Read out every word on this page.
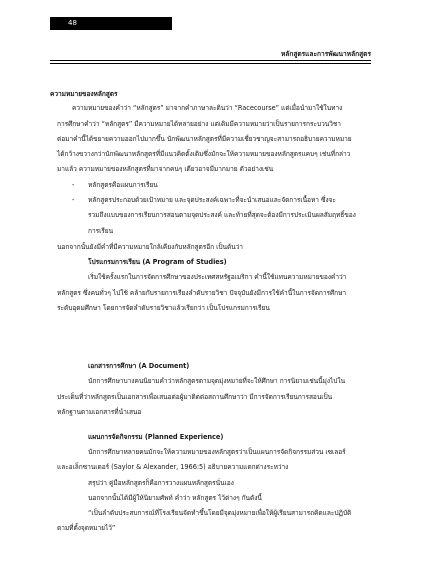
48
หลักสูตรและการพัฒนาหลักสูตร
ความหมายของหลักสูตร
ความหมายของคำว่า “หลักสูตร” มาจากคำภาษาละตินว่า “Racecourse” แต่เมื่อนำมาใช้ในทาง
การศึกษาคำว่า “หลักสูตร” มีความหมายได้หลายอย่าง แต่เดิมมีความหมายว่าเป็นรายการกระบวนวิชา
ต่อมาคำนี้ได้ขยายความออกไปมากขึ้น นักพัฒนาหลักสูตรที่มีความเชี่ยวชาญจะสามารถอธิบายความหมาย
ได้กว้างขวางกว่านักพัฒนาหลักสูตรที่มีแนวคิดตั้งเดิมซึ่งมักจะให้ความหมายของหลักสูตรแคบๆ เช่นที่กล่าว
มาแล้ว ความหมายของหลักสูตรที่มาจากคนๆ เดียวอาจมีมากมาย ตัวอย่างเช่น
- หลักสูตรคือแผนการเรียน
- หลักสูตรประกอบด้วยเป้าหมาย และจุดประสงค์เฉพาะที่จะนำเสนอและจัดการเนื้อหา ซึ่งจะ
รวมถึงแบบของการเรียนการสอนตามจุดประสงค์ และท้ายที่สุดจะต้องมีการประเมินผลสัมฤทธิ์ของ
การเรียน
นอกจากนั้นยังมีคำที่มีความหมายใกล้เคียงกับหลักสูตรอีก เป็นต้นว่า
โปรแกรมการเรียน (A Program of Studies)
เริ่มใช้ครั้งแรกในการจัดการศึกษาของประเทศสหรัฐอเมริกา คำนี้ใช้แทนความหมายของคำว่า
หลักสูตร ซึ่งคนทั่วๆ ไปใช้ คล้ายกับรายการเรียงลำดับรายวิชา ปัจจุบันยังมีการใช้คำนี้ในการจัดการศึกษา
ระดับอุดมศึกษา โดยการจัดลำดับรายวิชาแล้วเรียกว่า เป็นโปรแกรมการเรียน
เอกสารการศึกษา (A Document)
นักการศึกษาบางคนนิยามคำว่าหลักสูตรตามจุดมุ่งหมายที่จะให้ศึกษา การนิยามเช่นนี้มุ่งไปใน
ประเด็นที่ว่าหลักสูตรเป็นเอกสารเพื่อเสนอต่อผู้มาติดต่อสถานศึกษาว่า มีการจัดการเรียนการสอนเป็น
หลักฐานตามเอกสารที่นำเสนอ
แผนการจัดกิจกรรม (Planned Experience)
นักการศึกษาหลายคนมักจะให้ความหมายของหลักสูตรว่าเป็นแผนการจัดกิจกรรมส่วน เซเลอร์
และอเล็กซานเดอร์ (Saylor & Alexander, 1966:5) อธิบายความแตกต่างระหว่าง
สรุปว่า คู่มือหลักสูตรก็คือการวางแผนหลักสูตรนั่นเอง
นอกจากนั้นได้มีผู้ให้นิยามศัพท์ คำว่า หลักสูตร ไว้ต่างๆ กันดังนี้
“เป็นลำดับประสบการณ์ที่โรงเรียนจัดทำขึ้นโดยมีจุดมุ่งหมายเพื่อให้ผู้เรียนสามารถคิดและปฏิบัติ
ตามที่ตั้งจุดหมายไว้”
